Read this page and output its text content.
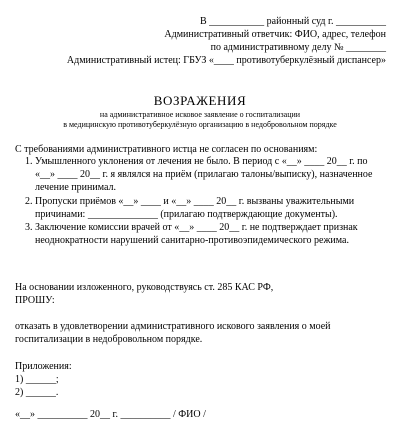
В ___________ районный суд г. __________
Административный ответчик: ФИО, адрес, телефон
по административному делу № ________
Административный истец: ГБУЗ «____ противотуберкулёзный диспансер»
ВОЗРАЖЕНИЯ
на административное исковое заявление о госпитализации
в медицинскую противотуберкулёзную организацию в недобровольном порядке
С требованиями административного истца не согласен по основаниям:
1. Умышленного уклонения от лечения не было. В период с «__» ____ 20__ г. по «__» ____ 20__ г. я являлся на приём (прилагаю талоны/выписку), назначенное лечение принимал.
2. Пропуски приёмов «__» ____ и «__» ____ 20__ г. вызваны уважительными причинами: ______________ (прилагаю подтверждающие документы).
3. Заключение комиссии врачей от «__» ____ 20__ г. не подтверждает признак неоднократности нарушений санитарно-противоэпидемического режима.
На основании изложенного, руководствуясь ст. 285 КАС РФ,
ПРОШУ:
отказать в удовлетворении административного искового заявления о моей госпитализации в недобровольном порядке.
Приложения:
1) ______;
2) ______.
«__» __________ 20__ г. __________ / ФИО /
